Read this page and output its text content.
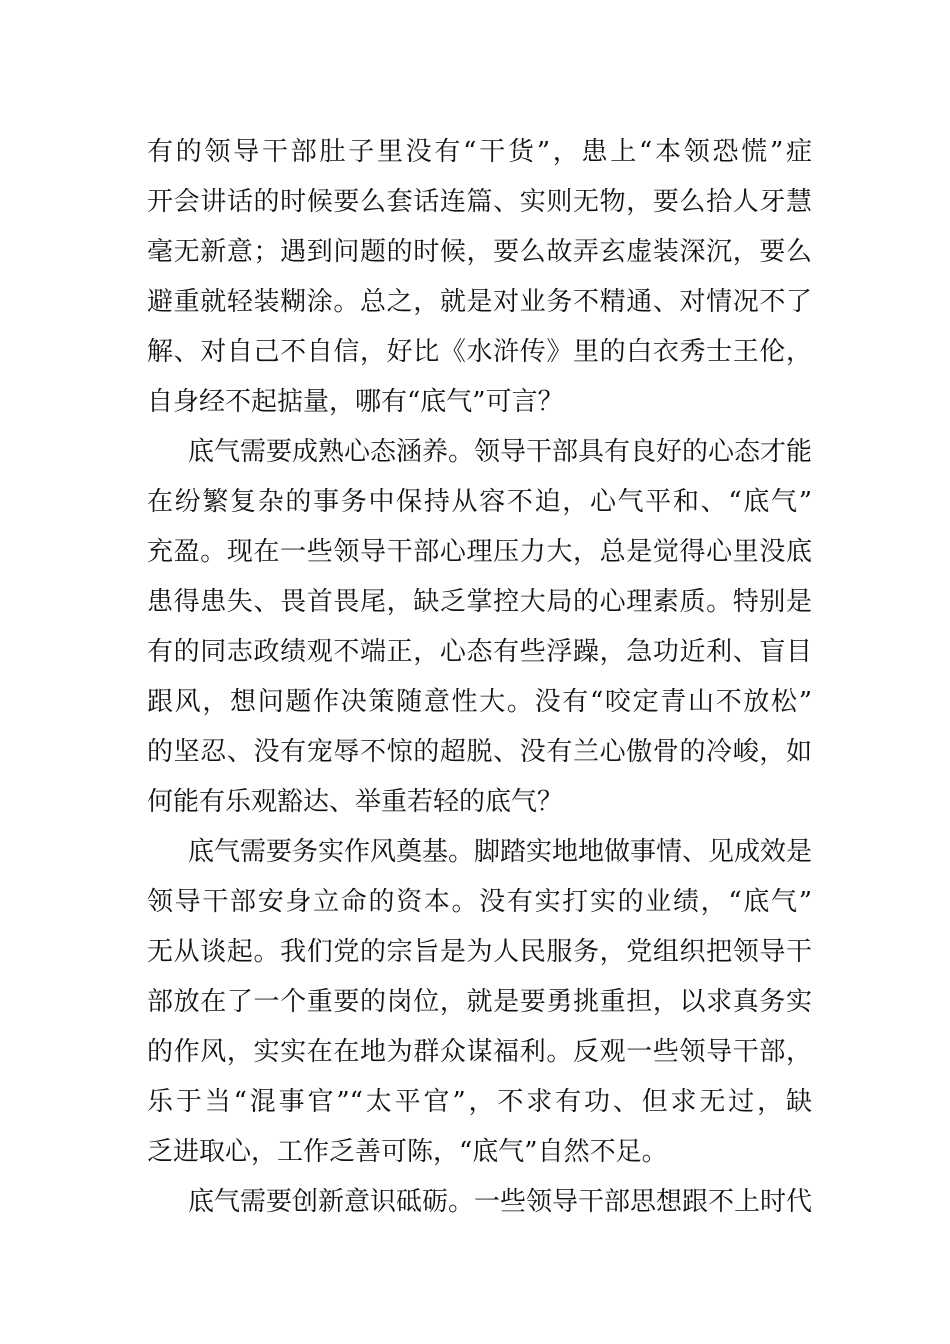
有的领导干部肚子里没有“干货”，患上“本领恐慌”症
开会讲话的时候要么套话连篇、实则无物，要么拾人牙慧
毫无新意；遇到问题的时候，要么故弄玄虚装深沉，要么
避重就轻装糊涂。总之，就是对业务不精通、对情况不了
解、对自己不自信，好比《水浒传》里的白衣秀士王伦，
自身经不起掂量，哪有“底气”可言？
底气需要成熟心态涵养。领导干部具有良好的心态才能
在纷繁复杂的事务中保持从容不迫，心气平和、“底气”
充盈。现在一些领导干部心理压力大，总是觉得心里没底
患得患失、畏首畏尾，缺乏掌控大局的心理素质。特别是
有的同志政绩观不端正，心态有些浮躁，急功近利、盲目
跟风，想问题作决策随意性大。没有“咬定青山不放松”
的坚忍、没有宠辱不惊的超脱、没有兰心傲骨的冷峻，如
何能有乐观豁达、举重若轻的底气？
底气需要务实作风奠基。脚踏实地地做事情、见成效是
领导干部安身立命的资本。没有实打实的业绩，“底气”
无从谈起。我们党的宗旨是为人民服务，党组织把领导干
部放在了一个重要的岗位，就是要勇挑重担，以求真务实
的作风，实实在在地为群众谋福利。反观一些领导干部，
乐于当“混事官”“太平官”，不求有功、但求无过，缺
乏进取心，工作乏善可陈，“底气”自然不足。
底气需要创新意识砥砺。一些领导干部思想跟不上时代
